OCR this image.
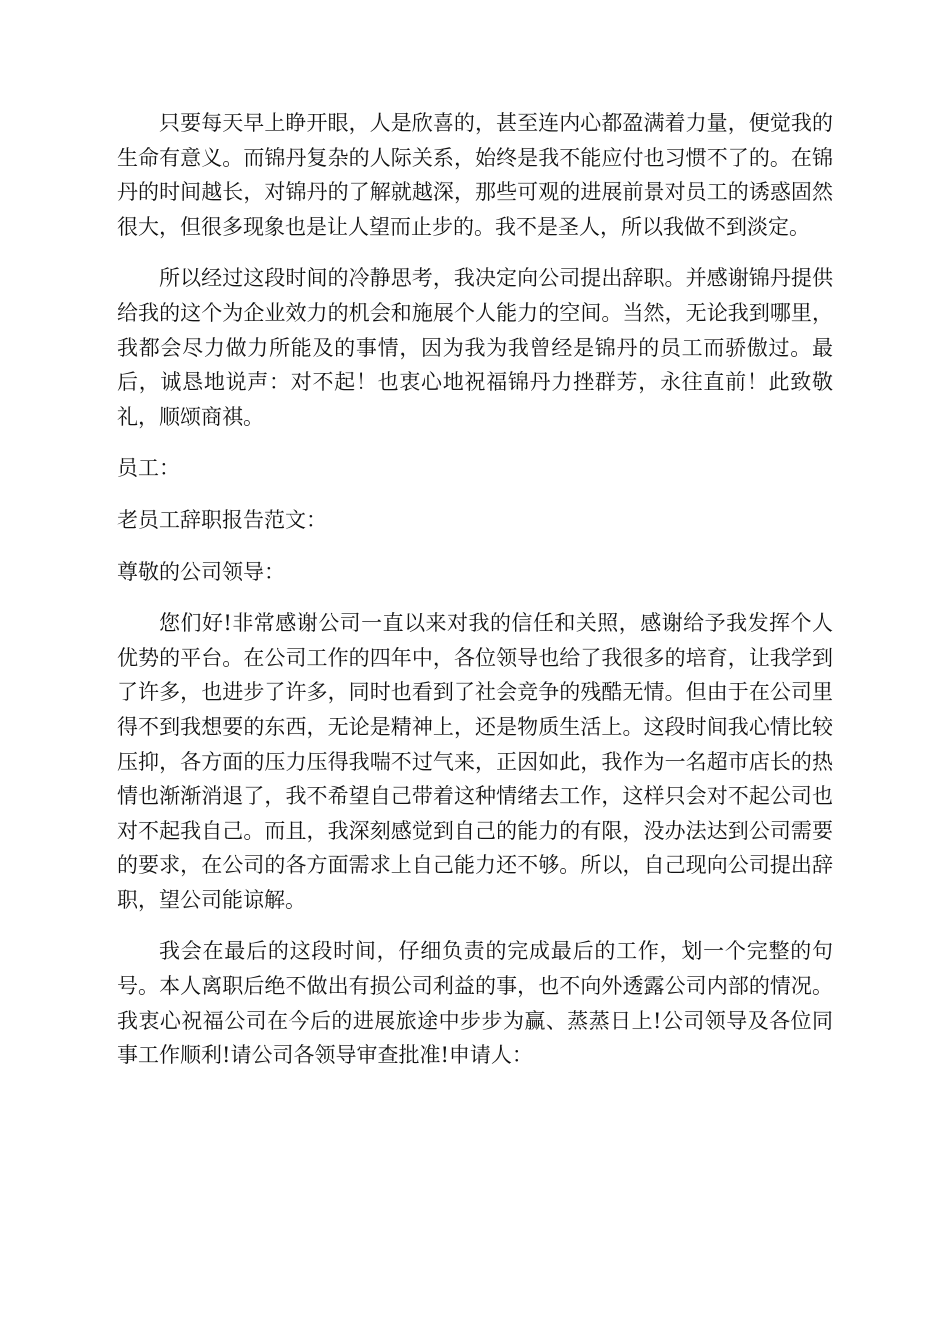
只要每天早上睁开眼，人是欣喜的，甚至连内心都盈满着力量，便觉我的生命有意义。而锦丹复杂的人际关系，始终是我不能应付也习惯不了的。在锦丹的时间越长，对锦丹的了解就越深，那些可观的进展前景对员工的诱惑固然很大，但很多现象也是让人望而止步的。我不是圣人，所以我做不到淡定。

所以经过这段时间的冷静思考，我决定向公司提出辞职。并感谢锦丹提供给我的这个为企业效力的机会和施展个人能力的空间。当然，无论我到哪里，我都会尽力做力所能及的事情，因为我为我曾经是锦丹的员工而骄傲过。最后，诚恳地说声：对不起！也衷心地祝福锦丹力挫群芳，永往直前！此致敬礼，顺颂商祺。

员工：

老员工辞职报告范文：

尊敬的公司领导：

您们好!非常感谢公司一直以来对我的信任和关照，感谢给予我发挥个人优势的平台。在公司工作的四年中，各位领导也给了我很多的培育，让我学到了许多，也进步了许多，同时也看到了社会竞争的残酷无情。但由于在公司里得不到我想要的东西，无论是精神上，还是物质生活上。这段时间我心情比较压抑，各方面的压力压得我喘不过气来，正因如此，我作为一名超市店长的热情也渐渐消退了，我不希望自己带着这种情绪去工作，这样只会对不起公司也对不起我自己。而且，我深刻感觉到自己的能力的有限，没办法达到公司需要的要求，在公司的各方面需求上自己能力还不够。所以，自己现向公司提出辞职，望公司能谅解。

我会在最后的这段时间，仔细负责的完成最后的工作，划一个完整的句号。本人离职后绝不做出有损公司利益的事，也不向外透露公司内部的情况。我衷心祝福公司在今后的进展旅途中步步为赢、蒸蒸日上!公司领导及各位同事工作顺利!请公司各领导审查批准!申请人：
